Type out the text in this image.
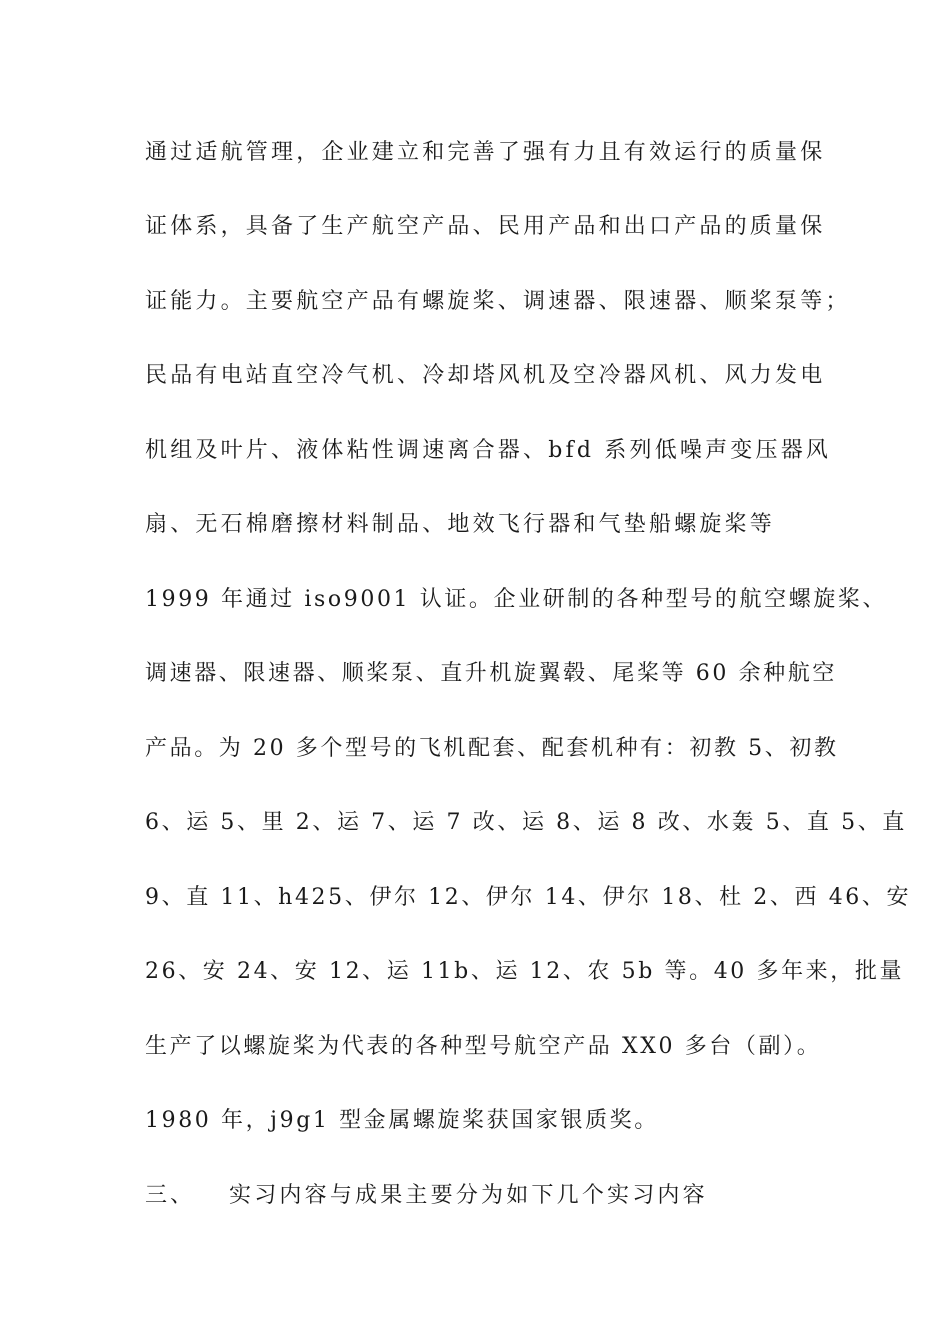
通过适航管理，企业建立和完善了强有力且有效运行的质量保
证体系，具备了生产航空产品、民用产品和出口产品的质量保
证能力。主要航空产品有螺旋桨、调速器、限速器、顺桨泵等；
民品有电站直空冷气机、冷却塔风机及空冷器风机、风力发电
机组及叶片、液体粘性调速离合器、bfd 系列低噪声变压器风
扇、无石棉磨擦材料制品、地效飞行器和气垫船螺旋桨等
1999 年通过 iso9001 认证。企业研制的各种型号的航空螺旋桨、
调速器、限速器、顺桨泵、直升机旋翼毂、尾桨等 60 余种航空
产品。为 20 多个型号的飞机配套、配套机种有：初教 5、初教
6、运 5、里 2、运 7、运 7 改、运 8、运 8 改、水轰 5、直 5、直
9、直 11、h425、伊尔 12、伊尔 14、伊尔 18、杜 2、西 46、安
26、安 24、安 12、运 11b、运 12、农 5b 等。40 多年来，批量
生产了以螺旋桨为代表的各种型号航空产品 XX0 多台（副）。
1980 年，j9g1 型金属螺旋桨获国家银质奖。
三、 实习内容与成果主要分为如下几个实习内容
